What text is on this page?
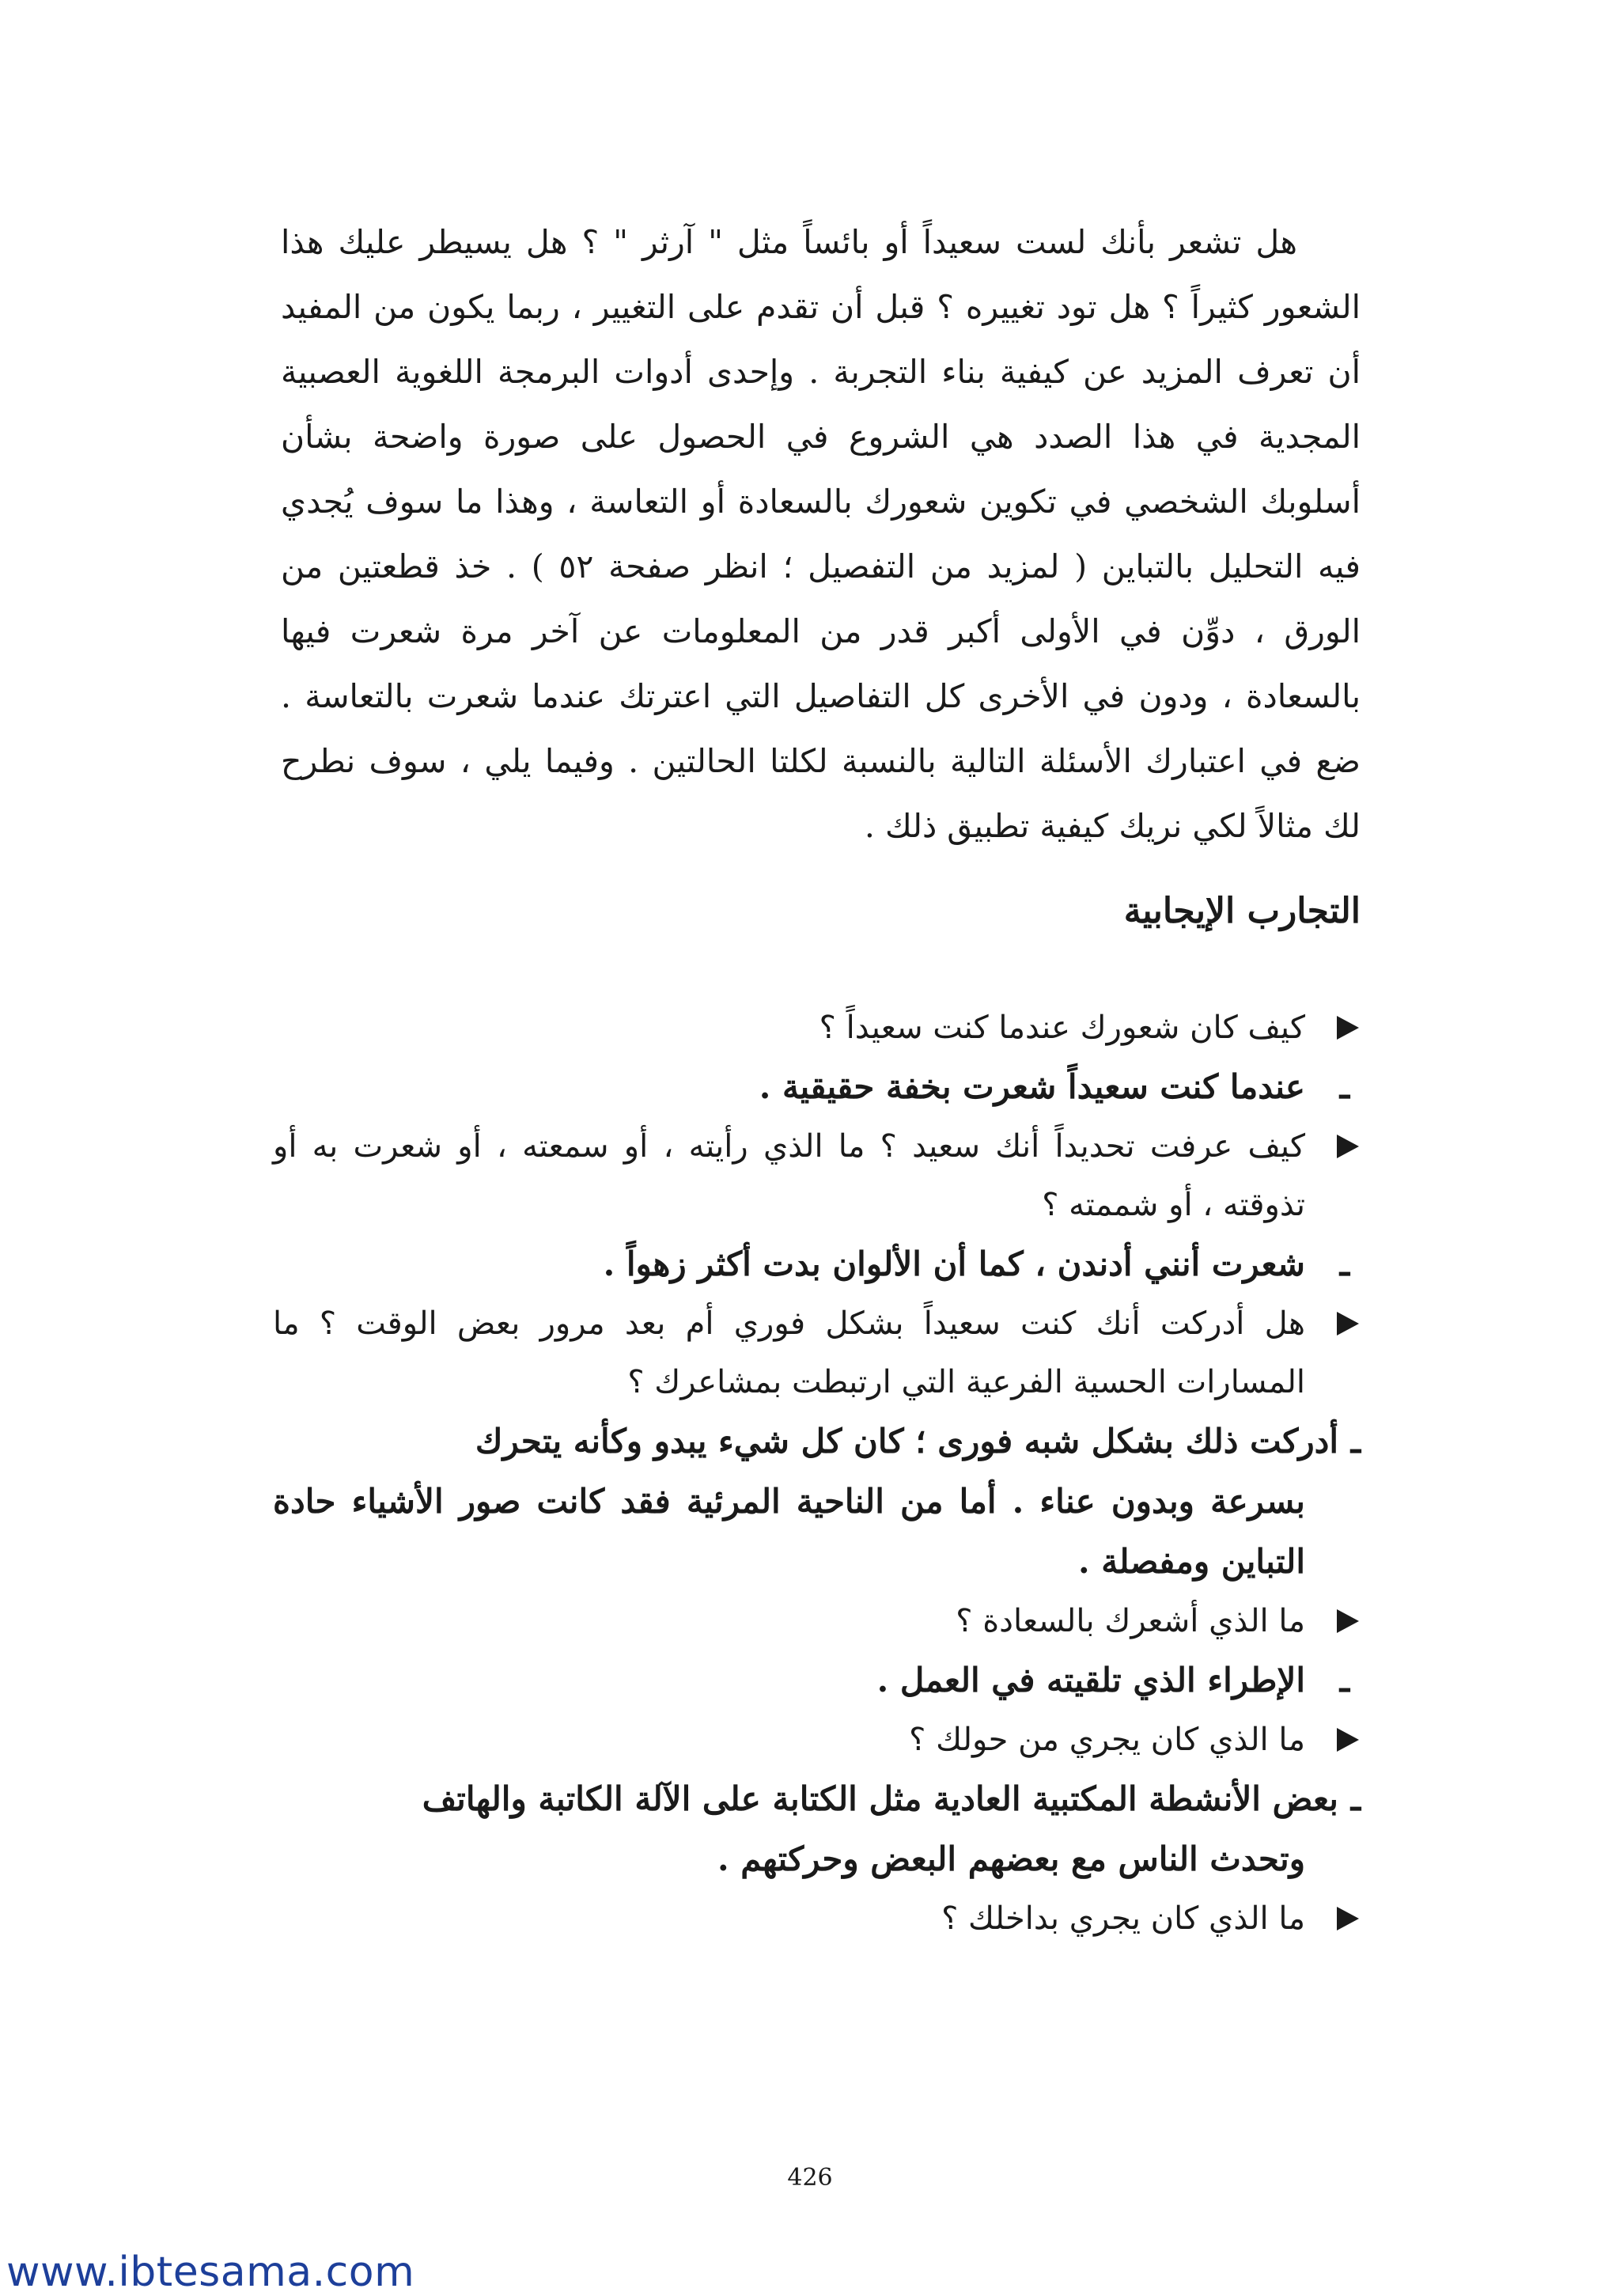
هل تشعر بأنك لست سعيداً أو بائساً مثل " آرثر " ؟ هل يسيطر عليك هذا الشعور كثيراً ؟ هل تود تغييره ؟ قبل أن تقدم على التغيير ، ربما يكون من المفيد أن تعرف المزيد عن كيفية بناء التجربة . وإحدى أدوات البرمجة اللغوية العصبية المجدية في هذا الصدد هي الشروع في الحصول على صورة واضحة بشأن أسلوبك الشخصي في تكوين شعورك بالسعادة أو التعاسة ، وهذا ما سوف يُجدي فيه التحليل بالتباين ( لمزيد من التفصيل ؛ انظر صفحة ٥٢ ) . خذ قطعتين من الورق ، دوِّن في الأولى أكبر قدر من المعلومات عن آخر مرة شعرت فيها بالسعادة ، ودون في الأخرى كل التفاصيل التي اعترتك عندما شعرت بالتعاسة . ضع في اعتبارك الأسئلة التالية بالنسبة لكلتا الحالتين . وفيما يلي ، سوف نطرح لك مثالاً لكي نريك كيفية تطبيق ذلك .

التجارب الإيجابية
كيف كان شعورك عندما كنت سعيداً ؟
ـعندما كنت سعيداً شعرت بخفة حقيقية .
كيف عرفت تحديداً أنك سعيد ؟ ما الذي رأيته ، أو سمعته ، أو شعرت به أو تذوقته ، أو شممته ؟
ـشعرت أنني أدندن ، كما أن الألوان بدت أكثر زهواً .
هل أدركت أنك كنت سعيداً بشكل فوري أم بعد مرور بعض الوقت ؟ ما المسارات الحسية الفرعية التي ارتبطت بمشاعرك ؟
ـأدركت ذلك بشكل شبه فورى ؛ كان كل شيء يبدو وكأنه يتحرك
بسرعة وبدون عناء . أما من الناحية المرئية فقد كانت صور الأشياء حادة التباين ومفصلة .
ما الذي أشعرك بالسعادة ؟
ـالإطراء الذي تلقيته في العمل .
ما الذي كان يجري من حولك ؟
ـبعض الأنشطة المكتبية العادية مثل الكتابة على الآلة الكاتبة والهاتف
وتحدث الناس مع بعضهم البعض وحركتهم .
ما الذي كان يجري بداخلك ؟

426

www.ibtesama.com
